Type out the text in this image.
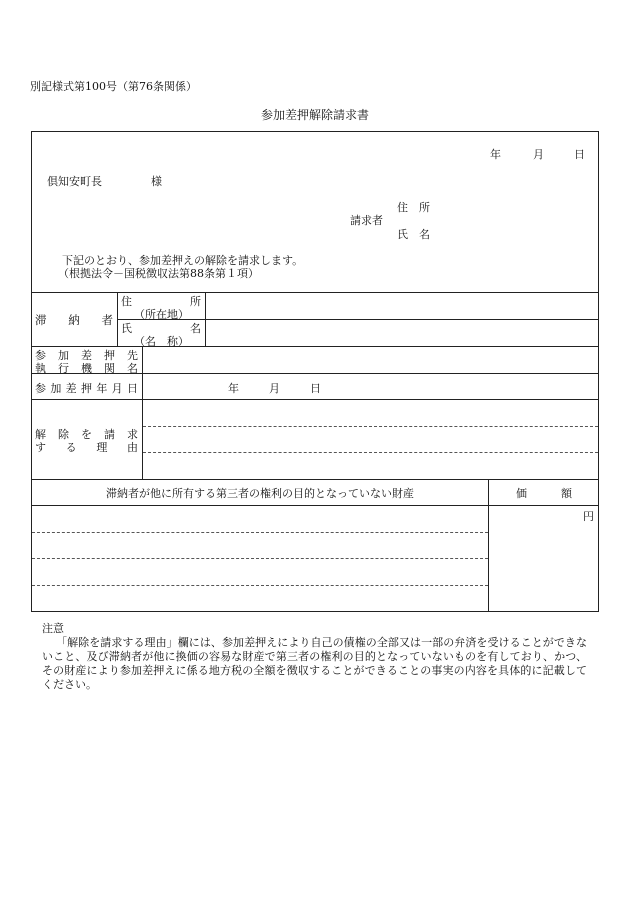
別記様式第100号（第76条関係）
参加差押解除請求書
年	月	日
倶知安町長	様
住　所
請求者
氏　名
下記のとおり、参加差押えの解除を請求します。
（根拠法令－国税徴収法第88条第１項）
滞 納 者
住	所
（所在地）
氏	名
（名　称）
参 加 差 押 先
執 行 機 関 名
参 加 差 押 年 月 日	年	月	日
解 除 を 請 求
す る 理 由
滞納者が他に所有する第三者の権利の目的となっていない財産	価	額
円

注意

「解除を請求する理由」欄には、参加差押えにより自己の債権の全部又は一部の弁済を受けることができないこと、及び滞納者が他に換価の容易な財産で第三者の権利の目的となっていないものを有しており、かつ、その財産により参加差押えに係る地方税の全額を徴収することができることの事実の内容を具体的に記載してください。
